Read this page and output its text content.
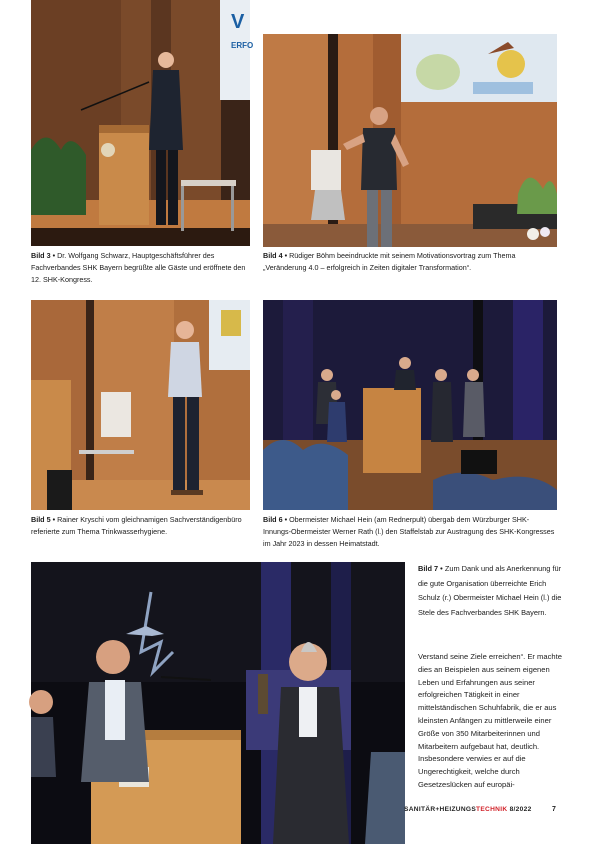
V
ERFO
Bild 3 • Dr. Wolfgang Schwarz, Hauptgeschäftsführer des Fachverbandes SHK Bayern begrüßte alle Gäste und eröffnete den 12. SHK-Kongress.
Bild 4 • Rüdiger Böhm beeindruckte mit seinem Motivationsvortrag zum Thema „Veränderung 4.0 – erfolgreich in Zeiten digitaler Transformation“.
Bild 5 • Rainer Kryschi vom gleichnamigen Sachverständigenbüro referierte zum Thema Trinkwasserhygiene.
Bild 6 • Obermeister Michael Hein (am Rednerpult) übergab dem Würzburger SHK-Innungs-Obermeister Werner Rath (l.) den Staffelstab zur Austragung des SHK-Kongresses im Jahr 2023 in dessen Heimatstadt.
Bild 7 • Zum Dank und als Anerkennung für die gute Organisation überreichte Erich Schulz (r.) Obermeister Michael Hein (l.) die Stele des Fachverbandes SHK Bayern.
Verstand seine Ziele erreichen“. Er machte dies an Beispielen aus seinem eigenen Leben und Erfahrungen aus seiner erfolgreichen Tätigkeit in einer mittelständischen Schuhfabrik, die er aus kleinsten Anfängen zu mittlerweile einer Größe von 350 Mitarbeiterinnen und Mitarbeitern aufgebaut hat, deutlich. Insbesondere verwies er auf die Ungerechtigkeit, welche durch Gesetzeslücken auf europäi-
SANITÄR+HEIZUNGSTECHNIK 8/2022	7
